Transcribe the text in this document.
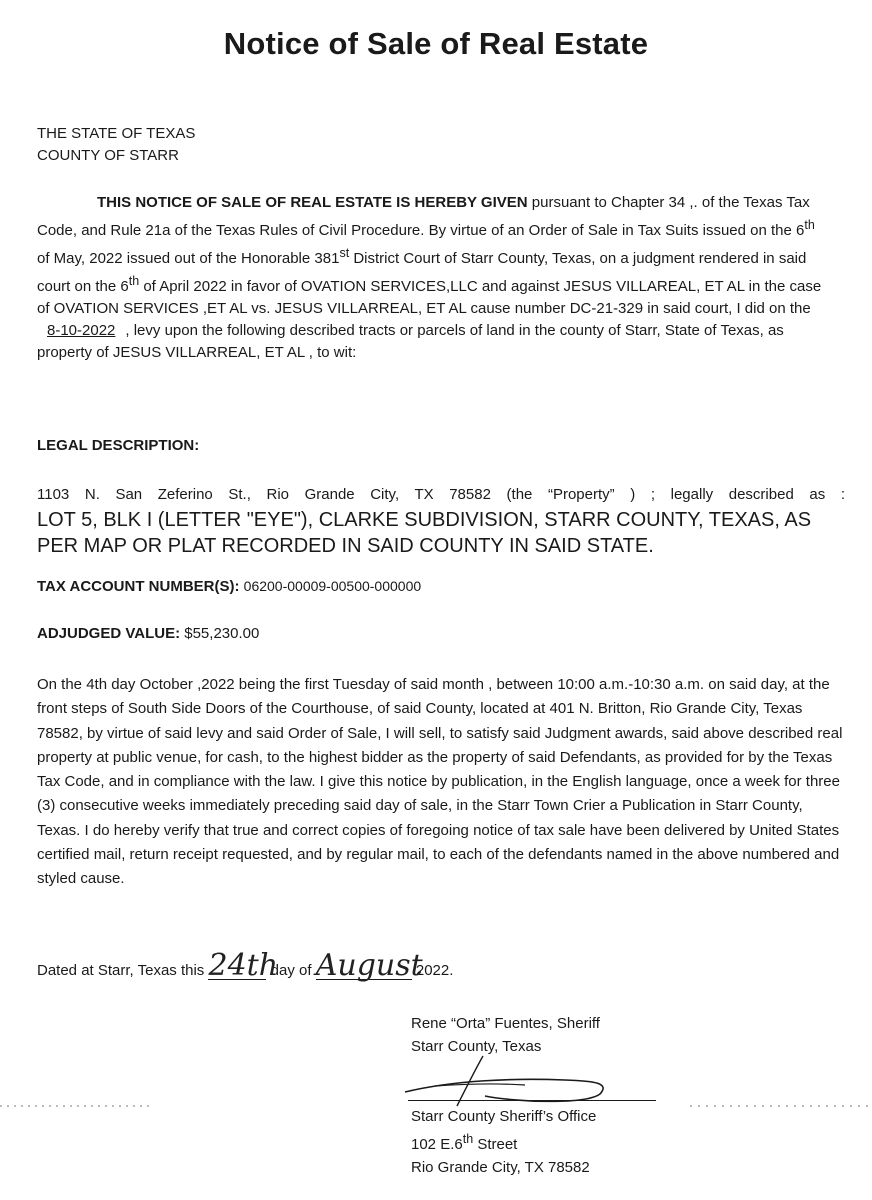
Notice of Sale of Real Estate
THE STATE OF TEXAS
COUNTY OF STARR
THIS NOTICE OF SALE OF REAL ESTATE IS HEREBY GIVEN pursuant to Chapter 34 ,. of the Texas Tax Code, and Rule 21a of the Texas Rules of Civil Procedure. By virtue of an Order of Sale in Tax Suits issued on the 6th of May, 2022 issued out of the Honorable 381st District Court of Starr County, Texas, on a judgment rendered in said court on the 6th of April 2022 in favor of OVATION SERVICES,LLC and against JESUS VILLAREAL, ET AL in the case of OVATION SERVICES ,ET AL vs. JESUS VILLARREAL, ET AL cause number DC-21-329 in said court, I did on the 8-10-2022 , levy upon the following described tracts or parcels of land in the county of Starr, State of Texas, as property of JESUS VILLARREAL, ET AL , to wit:
LEGAL DESCRIPTION:
1103 N. San Zeferino St., Rio Grande City, TX 78582 (the “Property” ) ; legally described as :
LOT 5, BLK I (LETTER "EYE"), CLARKE SUBDIVISION, STARR COUNTY, TEXAS, AS PER MAP OR PLAT RECORDED IN SAID COUNTY IN SAID STATE.
TAX ACCOUNT NUMBER(S): 06200-00009-00500-000000
ADJUDGED VALUE: $55,230.00
On the 4th day October ,2022 being the first Tuesday of said month , between 10:00 a.m.-10:30 a.m. on said day, at the front steps of South Side Doors of the Courthouse, of said County, located at 401 N. Britton, Rio Grande City, Texas 78582, by virtue of said levy and said Order of Sale, I will sell, to satisfy said Judgment awards, said above described real property at public venue, for cash, to the highest bidder as the property of said Defendants, as provided for by the Texas Tax Code, and in compliance with the law. I give this notice by publication, in the English language, once a week for three (3) consecutive weeks immediately preceding said day of sale, in the Starr Town Crier a Publication in Starr County, Texas. I do hereby verify that true and correct copies of foregoing notice of tax sale have been delivered by United States certified mail, return receipt requested, and by regular mail, to each of the defendants named in the above numbered and styled cause.
Dated at Starr, Texas this 24th
day of August
2022.
Rene “Orta” Fuentes, Sheriff
Starr County, Texas
Starr County Sheriff’s Office
102 E.6th Street
Rio Grande City, TX 78582
